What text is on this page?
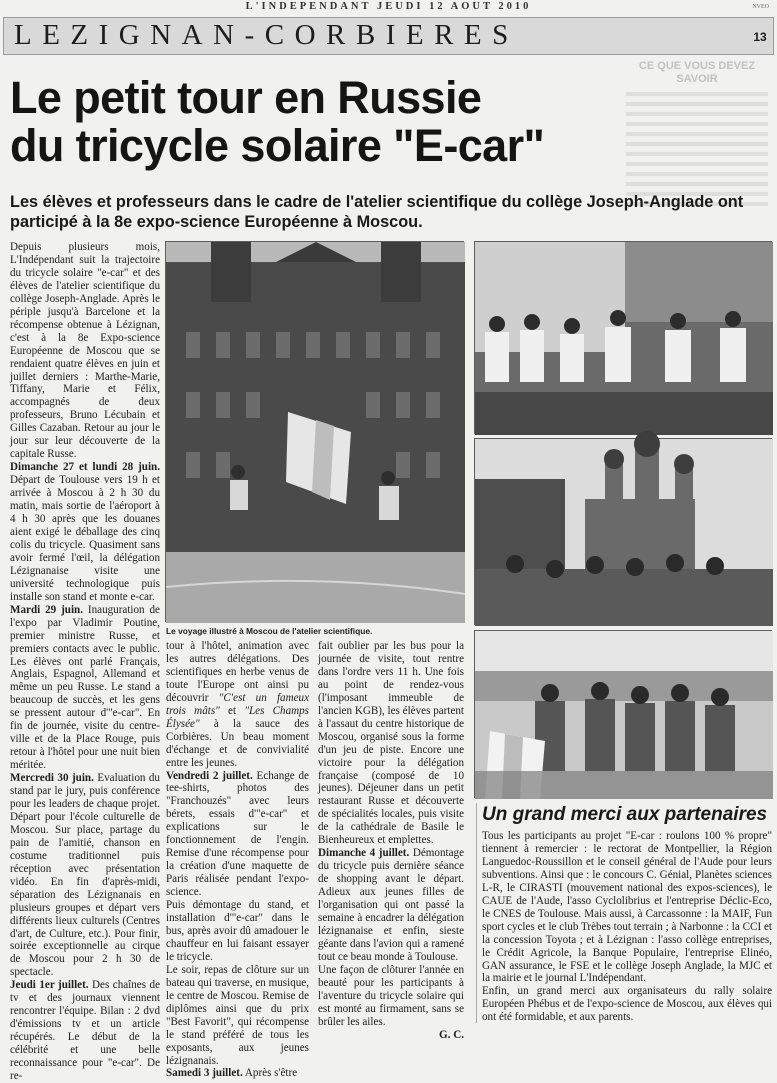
L'INDEPENDANT JEUDI 12 AOUT 2010	NVEO
LEZIGNAN-CORBIERES	13
CE QUE VOUS DEVEZ SAVOIR
Le petit tour en Russie
du tricycle solaire "E-car"
Les élèves et professeurs dans le cadre de l'atelier scientifique du collège Joseph-Anglade ont participé à la 8e expo-science Européenne à Moscou.

Depuis plusieurs mois, L'Indépendant suit la trajectoire du tricycle solaire "e-car" et des élèves de l'atelier scientifique du collège Joseph-Anglade. Après le périple jusqu'à Barcelone et la récompense obtenue à Lézignan, c'est à la 8e Expo-science Européenne de Moscou que se rendaient quatre élèves en juin et juillet derniers : Marthe-Marie, Tiffany, Marie et Félix, accompagnés de deux professeurs, Bruno Lécubain et Gilles Cazaban. Retour au jour le jour sur leur découverte de la capitale Russe.

Dimanche 27 et lundi 28 juin. Départ de Toulouse vers 19 h et arrivée à Moscou à 2 h 30 du matin, mais sortie de l'aéroport à 4 h 30 après que les douanes aient exigé le déballage des cinq colis du tricycle. Quasiment sans avoir fermé l'œil, la délégation Lézignanaise visite une université technologique puis installe son stand et monte e-car.

Mardi 29 juin. Inauguration de l'expo par Vladimir Poutine, premier ministre Russe, et premiers contacts avec le public. Les élèves ont parlé Français, Anglais, Espagnol, Allemand et même un peu Russe. Le stand a beaucoup de succès, et les gens se pressent autour d'"e-car". En fin de journée, visite du centre-ville et de la Place Rouge, puis retour à l'hôtel pour une nuit bien méritée.

Mercredi 30 juin. Evaluation du stand par le jury, puis conférence pour les leaders de chaque projet. Départ pour l'école culturelle de Moscou. Sur place, partage du pain de l'amitié, chanson en costume traditionnel puis réception avec présentation vidéo. En fin d'après-midi, séparation des Lézignanais en plusieurs groupes et départ vers différents lieux culturels (Centres d'art, de Culture, etc.). Pour finir, soirée exceptionnelle au cirque de Moscou pour 2 h 30 de spectacle.

Jeudi 1er juillet. Des chaînes de tv et des journaux viennent rencontrer l'équipe. Bilan : 2 dvd d'émissions tv et un article récupérés. Le début de la célébrité et une belle reconnaissance pour "e-car". De re-

Le voyage illustré à Moscou de l'atelier scientifique.

tour à l'hôtel, animation avec les autres délégations. Des scientifiques en herbe venus de toute l'Europe ont ainsi pu découvrir "C'est un fameux trois mâts" et "Les Champs Élysée" à la sauce des Corbières. Un beau moment d'échange et de convivialité entre les jeunes.

Vendredi 2 juillet. Echange de tee-shirts, photos des "Franchouzés" avec leurs bérets, essais d'"e-car" et explications sur le fonctionnement de l'engin. Remise d'une récompense pour la création d'une maquette de Paris réalisée pendant l'expo-science.

Puis démontage du stand, et installation d'"e-car" dans le bus, après avoir dû amadouer le chauffeur en lui faisant essayer le tricycle.

Le soir, repas de clôture sur un bateau qui traverse, en musique, le centre de Moscou. Remise de diplômes ainsi que du prix "Best Favorit", qui récompense le stand préféré de tous les exposants, aux jeunes lézignanais.

Samedi 3 juillet. Après s'être

fait oublier par les bus pour la journée de visite, tout rentre dans l'ordre vers 11 h. Une fois au point de rendez-vous (l'imposant immeuble de l'ancien KGB), les élèves partent à l'assaut du centre historique de Moscou, organisé sous la forme d'un jeu de piste. Encore une victoire pour la délégation française (composé de 10 jeunes). Déjeuner dans un petit restaurant Russe et découverte de spécialités locales, puis visite de la cathédrale de Basile le Bienheureux et emplettes.

Dimanche 4 juillet. Démontage du tricycle puis dernière séance de shopping avant le départ. Adieux aux jeunes filles de l'organisation qui ont passé la semaine à encadrer la délégation lézignanaise et enfin, sieste géante dans l'avion qui a ramené tout ce beau monde à Toulouse.

Une façon de clôturer l'année en beauté pour les participants à l'aventure du tricycle solaire qui est monté au firmament, sans se brûler les ailes.

G. C.

Un grand merci aux partenaires

Tous les participants au projet "E-car : roulons 100 % propre" tiennent à remercier : le rectorat de Montpellier, la Région Languedoc-Roussillon et le conseil général de l'Aude pour leurs subventions. Ainsi que : le concours C. Génial, Planètes sciences L-R, le CIRASTI (mouvement national des expos-sciences), le CAUE de l'Aude, l'asso Cyclolibrius et l'entreprise Déclic-Eco, le CNES de Toulouse. Mais aussi, à Carcassonne : la MAIF, Fun sport cycles et le club Trèbes tout terrain ; à Narbonne : la CCI et la concession Toyota ; et à Lézignan : l'asso collège entreprises, le Crédit Agricole, la Banque Populaire, l'entreprise Elinéo, GAN assurance, le FSE et le collège Joseph Anglade, la MJC et la mairie et le journal L'Indépendant.

Enfin, un grand merci aux organisateurs du rally solaire Européen Phébus et de l'expo-science de Moscou, aux élèves qui ont été formidable, et aux parents.
